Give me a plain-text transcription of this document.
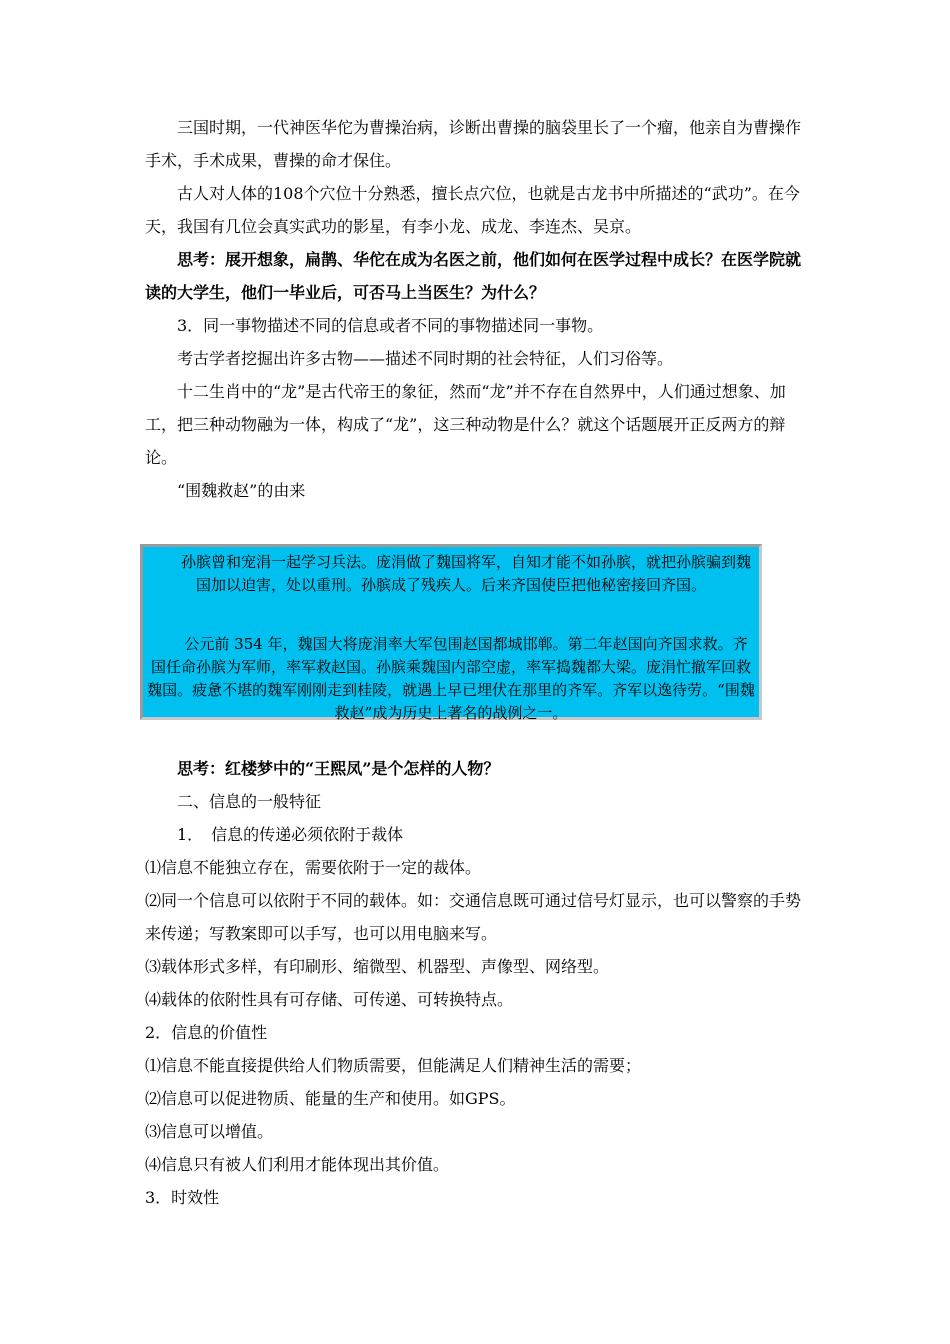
三国时期，一代神医华佗为曹操治病，诊断出曹操的脑袋里长了一个瘤，他亲自为曹操作手术，手术成果，曹操的命才保住。

古人对人体的108个穴位十分熟悉，擅长点穴位，也就是古龙书中所描述的“武功”。在今天，我国有几位会真实武功的影星，有李小龙、成龙、李连杰、吴京。

思考：展开想象，扁鹊、华佗在成为名医之前，他们如何在医学过程中成长？在医学院就读的大学生，他们一毕业后，可否马上当医生？为什么？

3．同一事物描述不同的信息或者不同的事物描述同一事物。

考古学者挖掘出许多古物——描述不同时期的社会特征，人们习俗等。

十二生肖中的“龙”是古代帝王的象征，然而“龙”并不存在自然界中，人们通过想象、加工，把三种动物融为一体，构成了“龙”，这三种动物是什么？就这个话题展开正反两方的辩论。

“围魏救赵”的由来

孙膑曾和宠涓一起学习兵法。庞涓做了魏国将军，自知才能不如孙膑，就把孙膑骗到魏国加以迫害，处以重刑。孙膑成了残疾人。后来齐国使臣把他秘密接回齐国。

公元前 354 年，魏国大将庞涓率大军包围赵国都城邯郸。第二年赵国向齐国求救。齐国任命孙膑为军师，率军救赵国。孙膑乘魏国内部空虚，率军捣魏都大梁。庞涓忙撤军回救魏国。疲惫不堪的魏军刚刚走到桂陵，就遇上早已埋伏在那里的齐军。齐军以逸待劳。“围魏救赵”成为历史上著名的战例之一。

思考：红楼梦中的“王熙凤”是个怎样的人物？

二、信息的一般特征

1．　信息的传递必须依附于裁体

⑴信息不能独立存在，需要依附于一定的裁体。

⑵同一个信息可以依附于不同的载体。如：交通信息既可通过信号灯显示，也可以警察的手势来传递；写教案即可以手写，也可以用电脑来写。

⑶载体形式多样，有印刷形、缩微型、机器型、声像型、网络型。

⑷载体的依附性具有可存储、可传递、可转换特点。

2．信息的价值性

⑴信息不能直接提供给人们物质需要，但能满足人们精神生活的需要；

⑵信息可以促进物质、能量的生产和使用。如GPS。

⑶信息可以增值。

⑷信息只有被人们利用才能体现出其价值。

3．时效性
